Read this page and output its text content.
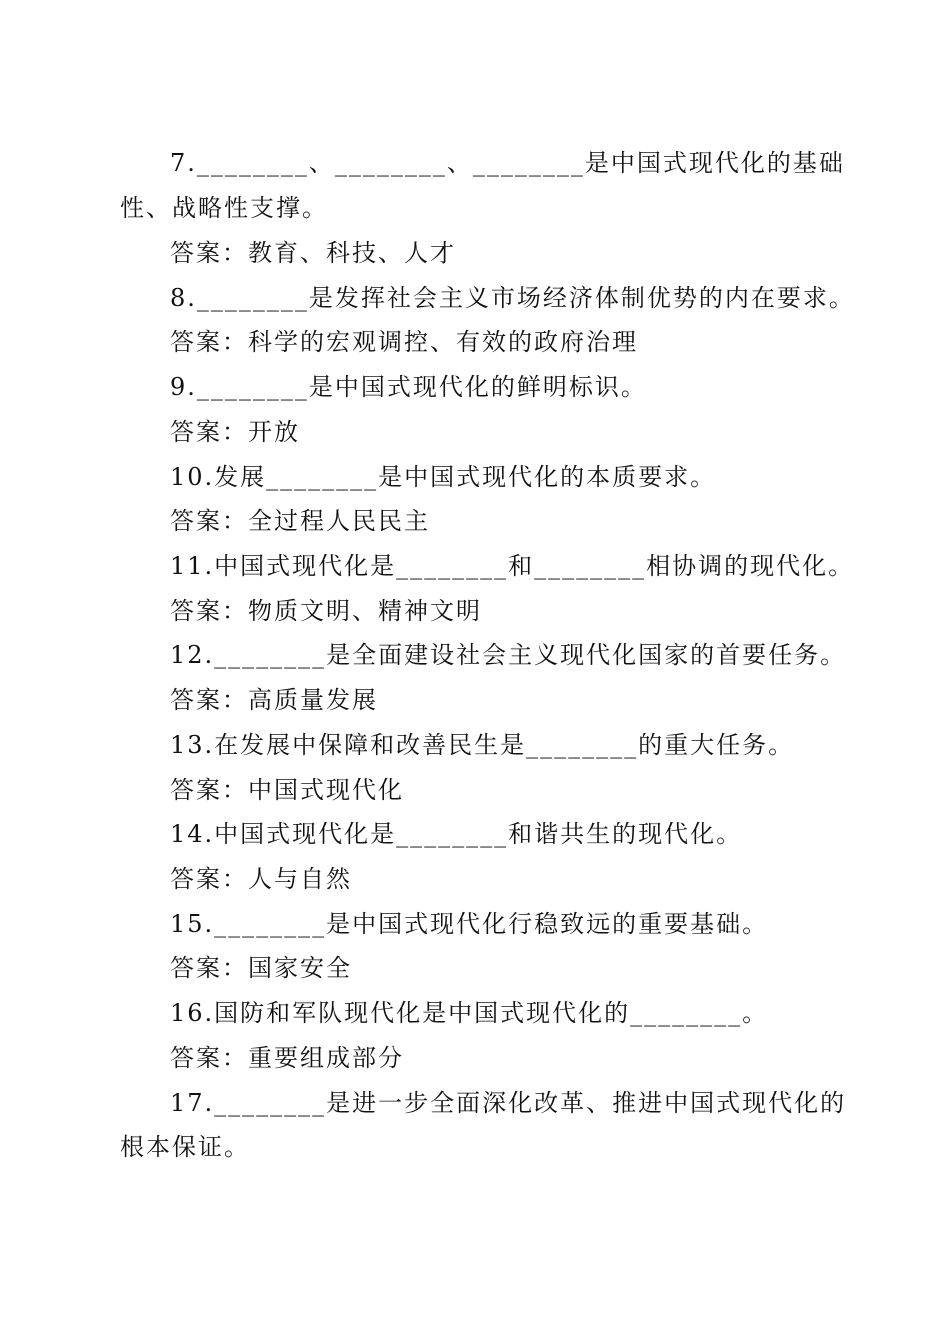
7.________、________、________是中国式现代化的基础
性、战略性支撑。
答案：教育、科技、人才
8.________是发挥社会主义市场经济体制优势的内在要求。
答案：科学的宏观调控、有效的政府治理
9.________是中国式现代化的鲜明标识。
答案：开放
10.发展________是中国式现代化的本质要求。
答案：全过程人民民主
11.中国式现代化是________和________相协调的现代化。
答案：物质文明、精神文明
12.________是全面建设社会主义现代化国家的首要任务。
答案：高质量发展
13.在发展中保障和改善民生是________的重大任务。
答案：中国式现代化
14.中国式现代化是________和谐共生的现代化。
答案：人与自然
15.________是中国式现代化行稳致远的重要基础。
答案：国家安全
16.国防和军队现代化是中国式现代化的________。
答案：重要组成部分
17.________是进一步全面深化改革、推进中国式现代化的
根本保证。
